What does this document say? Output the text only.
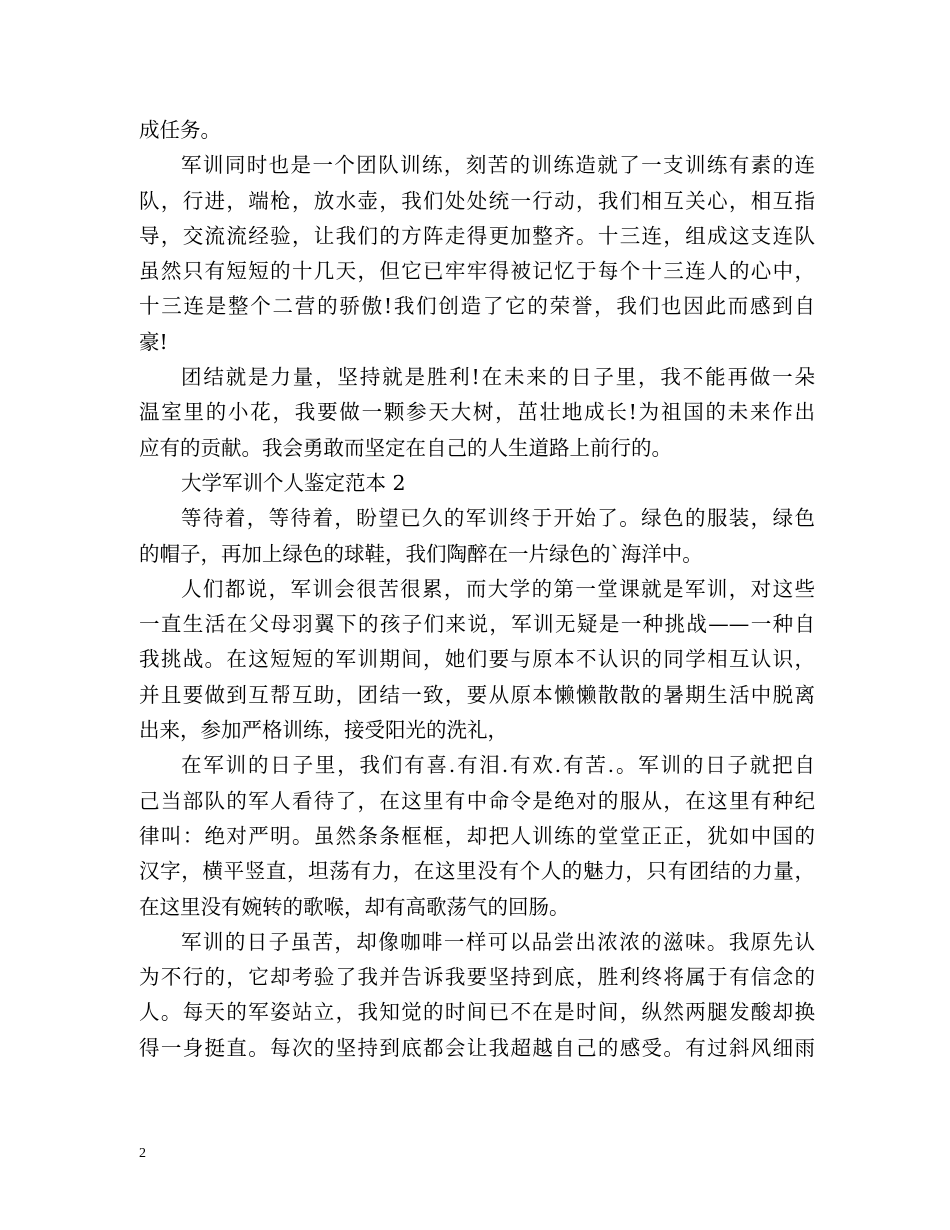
成任务。
军训同时也是一个团队训练，刻苦的训练造就了一支训练有素的连
队，行进，端枪，放水壶，我们处处统一行动，我们相互关心，相互指
导，交流流经验，让我们的方阵走得更加整齐。十三连，组成这支连队
虽然只有短短的十几天，但它已牢牢得被记忆于每个十三连人的心中，
十三连是整个二营的骄傲!我们创造了它的荣誉，我们也因此而感到自
豪!
团结就是力量，坚持就是胜利!在未来的日子里，我不能再做一朵
温室里的小花，我要做一颗参天大树，茁壮地成长!为祖国的未来作出
应有的贡献。我会勇敢而坚定在自己的人生道路上前行的。
大学军训个人鉴定范本 2
等待着，等待着，盼望已久的军训终于开始了。绿色的服装，绿色
的帽子，再加上绿色的球鞋，我们陶醉在一片绿色的`海洋中。
人们都说，军训会很苦很累，而大学的第一堂课就是军训，对这些
一直生活在父母羽翼下的孩子们来说，军训无疑是一种挑战——一种自
我挑战。在这短短的军训期间，她们要与原本不认识的同学相互认识，
并且要做到互帮互助，团结一致，要从原本懒懒散散的暑期生活中脱离
出来，参加严格训练，接受阳光的洗礼，
在军训的日子里，我们有喜.有泪.有欢.有苦.。军训的日子就把自
己当部队的军人看待了，在这里有中命令是绝对的服从，在这里有种纪
律叫：绝对严明。虽然条条框框，却把人训练的堂堂正正，犹如中国的
汉字，横平竖直，坦荡有力，在这里没有个人的魅力，只有团结的力量，
在这里没有婉转的歌喉，却有高歌荡气的回肠。
军训的日子虽苦，却像咖啡一样可以品尝出浓浓的滋味。我原先认
为不行的，它却考验了我并告诉我要坚持到底，胜利终将属于有信念的
人。每天的军姿站立，我知觉的时间已不在是时间，纵然两腿发酸却换
得一身挺直。每次的坚持到底都会让我超越自己的感受。有过斜风细雨
2
